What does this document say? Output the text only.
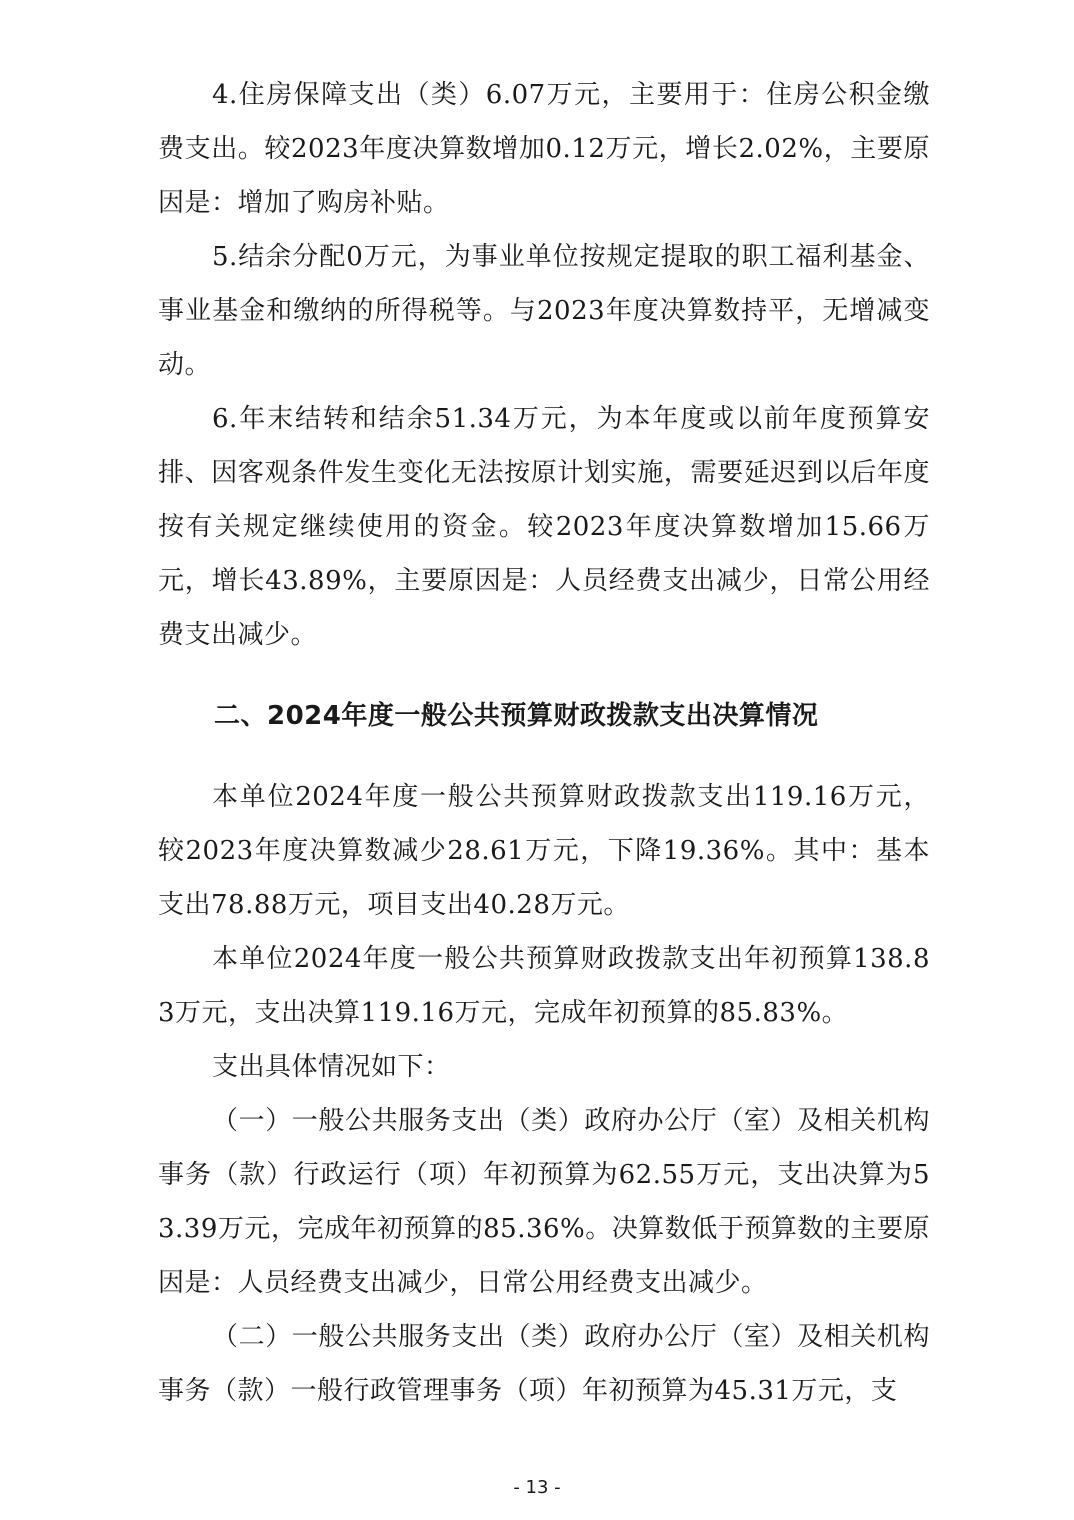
4.住房保障支出（类）6.07万元，主要用于：住房公积金缴费支出。较2023年度决算数增加0.12万元，增长2.02%，主要原因是：增加了购房补贴。

5.结余分配0万元，为事业单位按规定提取的职工福利基金、事业基金和缴纳的所得税等。与2023年度决算数持平，无增减变动。

6.年末结转和结余51.34万元，为本年度或以前年度预算安排、因客观条件发生变化无法按原计划实施，需要延迟到以后年度按有关规定继续使用的资金。较2023年度决算数增加15.66万元，增长43.89%，主要原因是：人员经费支出减少，日常公用经费支出减少。

二、2024年度一般公共预算财政拨款支出决算情况

本单位2024年度一般公共预算财政拨款支出119.16万元，较2023年度决算数减少28.61万元，下降19.36%。其中：基本支出78.88万元，项目支出40.28万元。

本单位2024年度一般公共预算财政拨款支出年初预算138.83万元，支出决算119.16万元，完成年初预算的85.83%。

支出具体情况如下：

（一）一般公共服务支出（类）政府办公厅（室）及相关机构事务（款）行政运行（项）年初预算为62.55万元，支出决算为53.39万元，完成年初预算的85.36%。决算数低于预算数的主要原因是：人员经费支出减少，日常公用经费支出减少。

（二）一般公共服务支出（类）政府办公厅（室）及相关机构事务（款）一般行政管理事务（项）年初预算为45.31万元，支

- 13 -
